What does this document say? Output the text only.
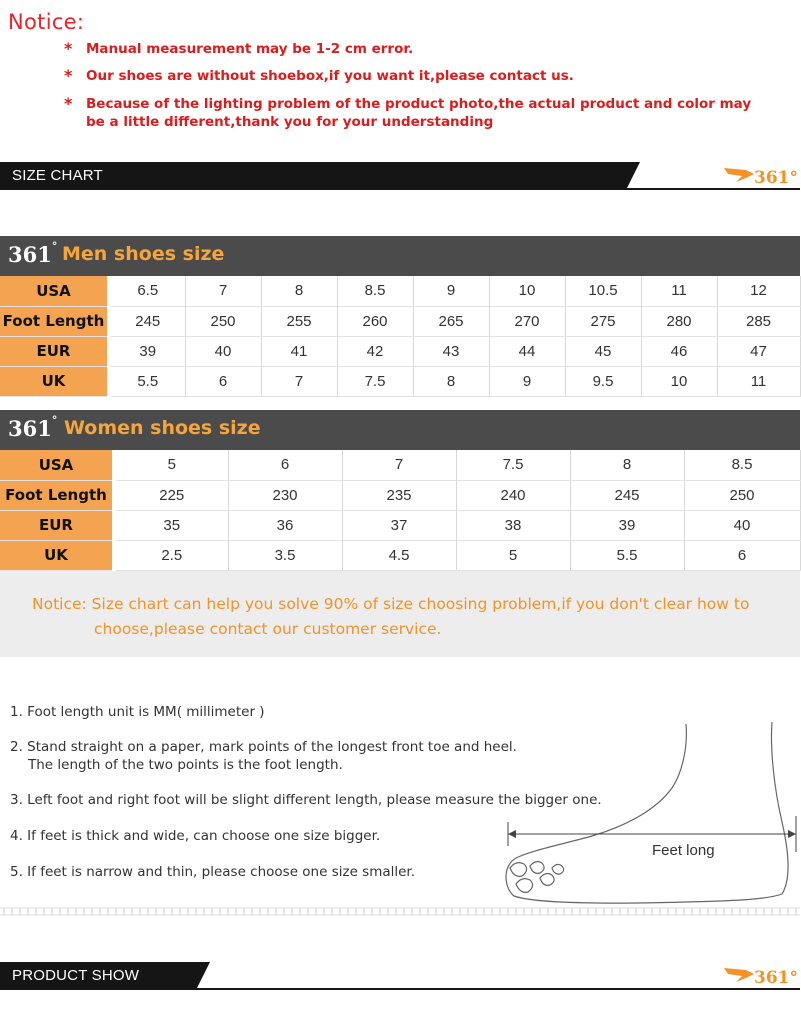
Notice:
*	Manual measurement may be 1-2 cm error.
*	Our shoes are without shoebox,if you want it,please contact us.
*	Because of the lighting problem of the product photo,the actual product and color may be a little different,thank you for your understanding
SIZE CHART	361°
361° Men shoes size
USA	6.5	7	8	8.5	9	10	10.5	11	12
Foot Length	245	250	255	260	265	270	275	280	285
EUR	39	40	41	42	43	44	45	46	47
UK	5.5	6	7	7.5	8	9	9.5	10	11
361° Women shoes size
USA	5	6	7	7.5	8	8.5
Foot Length	225	230	235	240	245	250
EUR	35	36	37	38	39	40
UK	2.5	3.5	4.5	5	5.5	6
Notice: Size chart can help you solve 90% of size choosing problem,if you don't clear how to
choose,please contact our customer service.
1. Foot length unit is MM( millimeter )
2. Stand straight on a paper, mark points of the longest front toe and heel.
The length of the two points is the foot length.
3. Left foot and right foot will be slight different length, please measure the bigger one.
4. If feet is thick and wide, can choose one size bigger.
5. If feet is narrow and thin, please choose one size smaller.
Feet long
PRODUCT SHOW	361°
